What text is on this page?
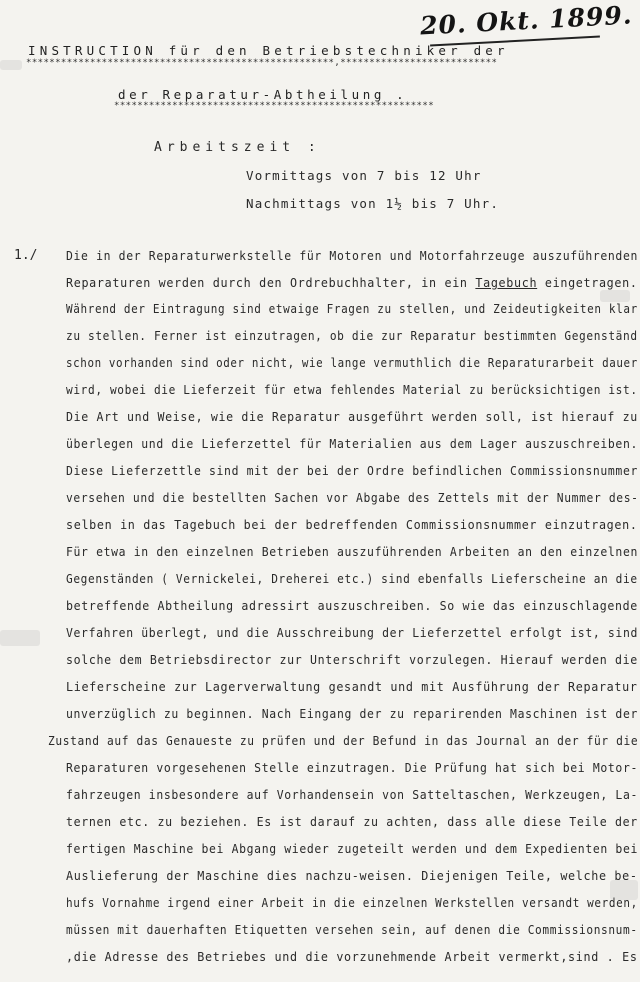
20. Okt. 1899.
INSTRUCTION für den Betriebstechniker der
*****************************************************,***************************
der Reparatur-Abtheilung .
*******************************************************
Arbeitszeit :
Vormittags von 7 bis 12 Uhr
Nachmittags von 1½ bis 7 Uhr.
1./ Die in der Reparaturwerkstelle für Motoren und Motorfahrzeuge auszuführenden
Reparaturen werden durch den Ordrebuchhalter, in ein Tagebuch eingetragen.
Während der Eintragung sind etwaige Fragen zu stellen, und Zeideutigkeiten klar
zu stellen. Ferner ist einzutragen, ob die zur Reparatur bestimmten Gegenständ
schon vorhanden sind oder nicht, wie lange vermuthlich die Reparaturarbeit dauer
wird, wobei die Lieferzeit für etwa fehlendes Material zu berücksichtigen ist.
Die Art und Weise, wie die Reparatur ausgeführt werden soll, ist hierauf zu
überlegen und die Lieferzettel für Materialien aus dem Lager auszuschreiben.
Diese Lieferzettle sind mit der bei der Ordre befindlichen Commissionsnummer
versehen und die bestellten Sachen vor Abgabe des Zettels mit der Nummer des-
selben in das Tagebuch bei der bedreffenden Commissionsnummer einzutragen.
Für etwa in den einzelnen Betrieben auszuführenden Arbeiten an den einzelnen
Gegenständen ( Vernickelei, Dreherei etc.) sind ebenfalls Lieferscheine an die
betreffende Abtheilung adressirt auszuschreiben. So wie das einzuschlagende
Verfahren überlegt, und die Ausschreibung der Lieferzettel erfolgt ist, sind
solche dem Betriebsdirector zur Unterschrift vorzulegen. Hierauf werden die
Lieferscheine zur Lagerverwaltung gesandt und mit Ausführung der Reparatur
unverzüglich zu beginnen. Nach Eingang der zu reparirenden Maschinen ist der
Zustand auf das Genaueste zu prüfen und der Befund in das Journal an der für die
Reparaturen vorgesehenen Stelle einzutragen. Die Prüfung hat sich bei Motor-
fahrzeugen insbesondere auf Vorhandensein von Satteltaschen, Werkzeugen, La-
ternen etc. zu beziehen. Es ist darauf zu achten, dass alle diese Teile der
fertigen Maschine bei Abgang wieder zugeteilt werden und dem Expedienten bei
Auslieferung der Maschine dies nachzu-weisen. Diejenigen Teile, welche be-
hufs Vornahme irgend einer Arbeit in die einzelnen Werkstellen versandt werden,
müssen mit dauerhaften Etiquetten versehen sein, auf denen die Commissionsnum-
,die Adresse des Betriebes und die vorzunehmende Arbeit vermerkt,sind . Es
